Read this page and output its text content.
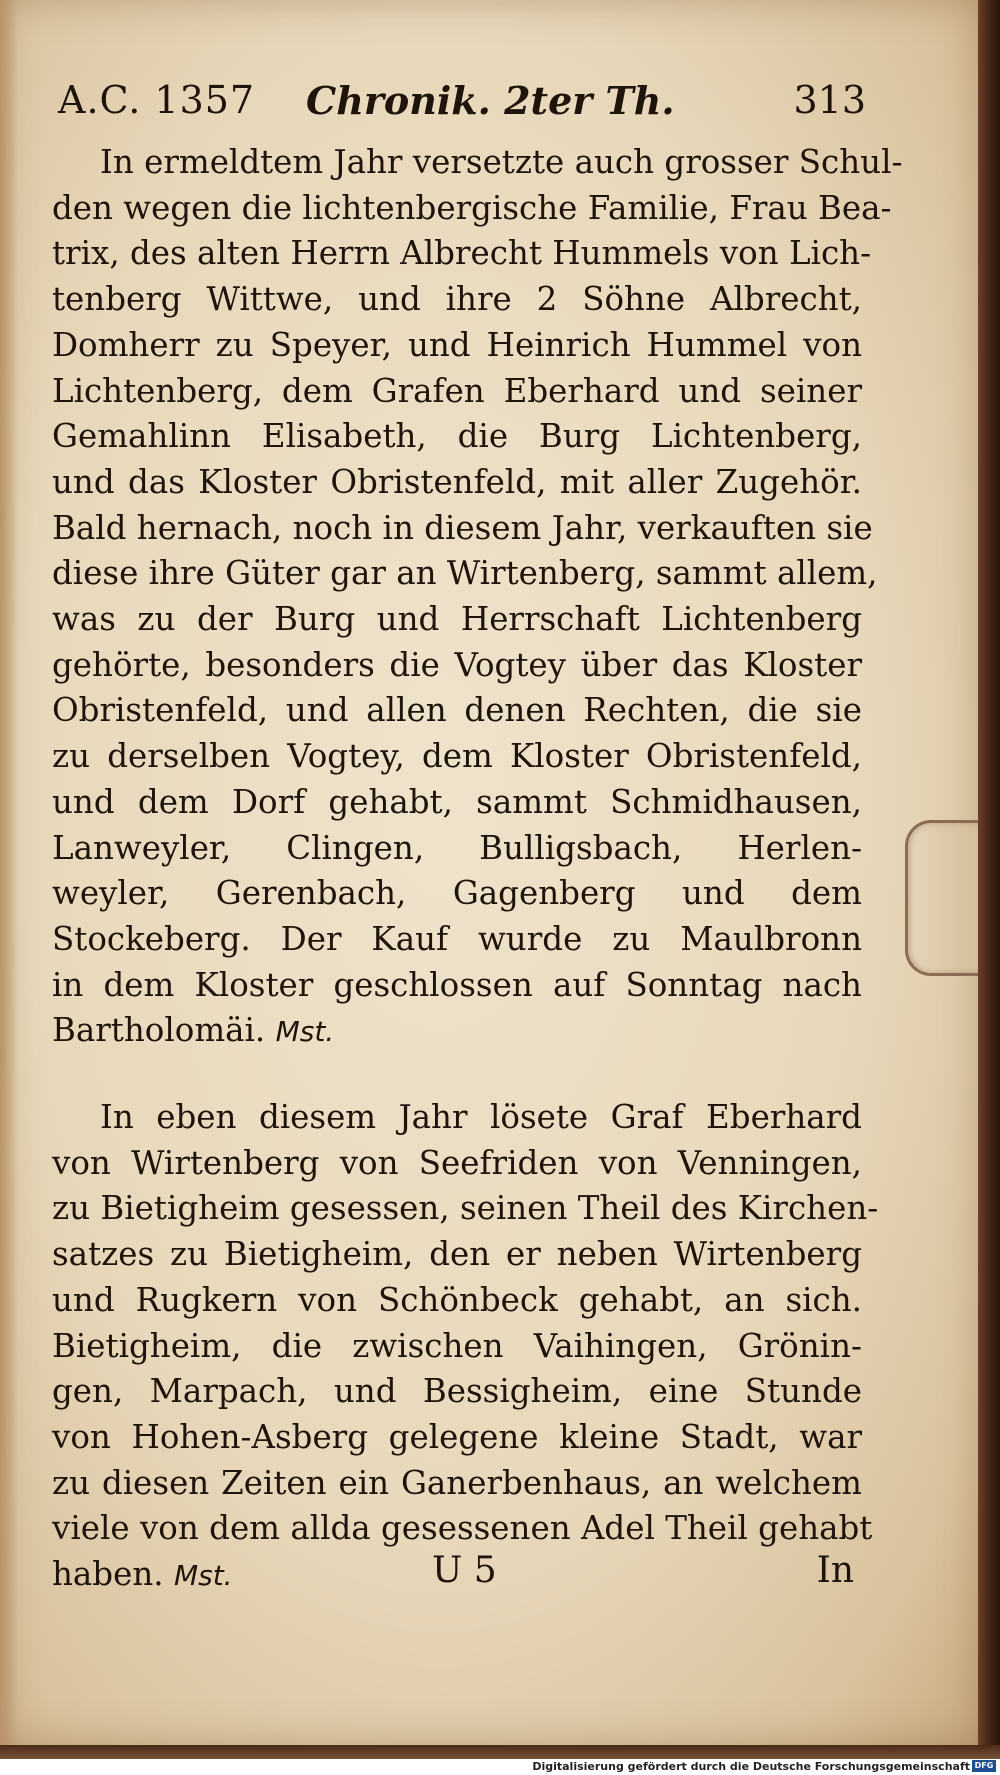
A.C. 1357 Chronik. 2ter Th.	313
In ermeldtem Jahr versetzte auch grosser Schul-
den wegen die lichtenbergische Familie, Frau Bea-
trix, des alten Herrn Albrecht Hummels von Lich-
tenberg Wittwe, und ihre 2 Söhne Albrecht,
Domherr zu Speyer, und Heinrich Hummel von
Lichtenberg, dem Grafen Eberhard und seiner
Gemahlinn Elisabeth, die Burg Lichtenberg,
und das Kloster Obristenfeld, mit aller Zugehör.
Bald hernach, noch in diesem Jahr, verkauften sie
diese ihre Güter gar an Wirtenberg, sammt allem,
was zu der Burg und Herrschaft Lichtenberg
gehörte, besonders die Vogtey über das Kloster
Obristenfeld, und allen denen Rechten, die sie
zu derselben Vogtey, dem Kloster Obristenfeld,
und dem Dorf gehabt, sammt Schmidhausen,
Lanweyler, Clingen, Bulligsbach, Herlen-
weyler, Gerenbach, Gagenberg und dem
Stockeberg. Der Kauf wurde zu Maulbronn
in dem Kloster geschlossen auf Sonntag nach
Bartholomäi. Mst.
In eben diesem Jahr lösete Graf Eberhard
von Wirtenberg von Seefriden von Venningen,
zu Bietigheim gesessen, seinen Theil des Kirchen-
satzes zu Bietigheim, den er neben Wirtenberg
und Rugkern von Schönbeck gehabt, an sich.
Bietigheim, die zwischen Vaihingen, Grönin-
gen, Marpach, und Bessigheim, eine Stunde
von Hohen-Asberg gelegene kleine Stadt, war
zu diesen Zeiten ein Ganerbenhaus, an welchem
viele von dem allda gesessenen Adel Theil gehabt
haben. Mst.	U 5	In
Digitalisierung gefördert durch die Deutsche Forschungsgemeinschaft DFG
